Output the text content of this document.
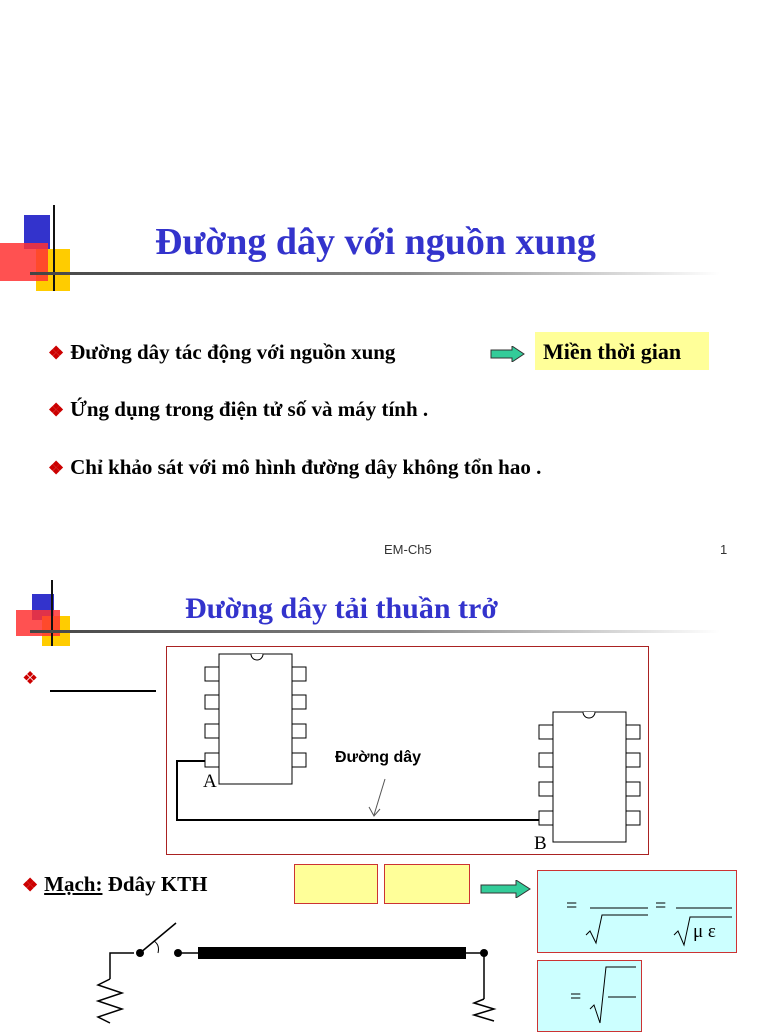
Đường dây với nguồn xung
❖ Đường dây tác động với nguồn xung	Miền thời gian
❖ Ứng dụng trong điện tử số và máy tính .
❖ Chỉ khảo sát với mô hình đường dây không tổn hao .
EM-Ch5	1
Đường dây tải thuần trở
❖
Đường dây
A
B
❖ Mạch: Đdây KTH
=	=
μ ε
=
